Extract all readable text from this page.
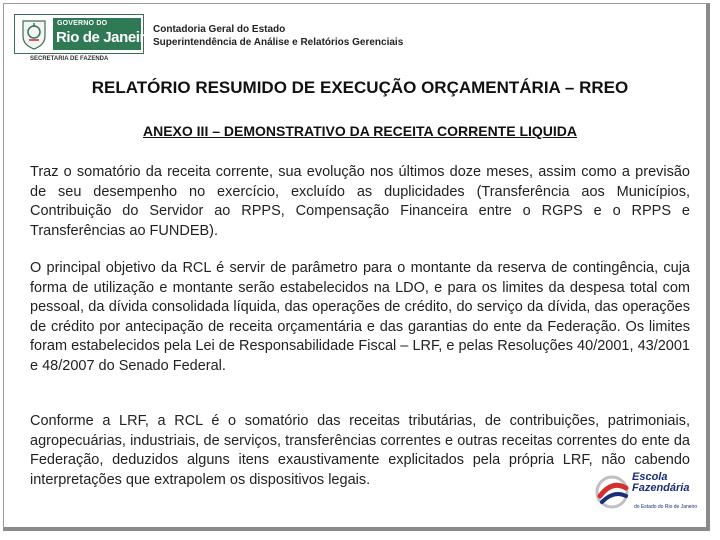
GOVERNO DO
Rio de Janeiro
SECRETARIA DE FAZENDA
Contadoria Geral do Estado
Superintendência de Análise e Relatórios Gerenciais
RELATÓRIO RESUMIDO DE EXECUÇÃO ORÇAMENTÁRIA – RREO
ANEXO III – DEMONSTRATIVO DA RECEITA CORRENTE LIQUIDA

Traz o somatório da receita corrente, sua evolução nos últimos doze meses, assim como a previsão de seu desempenho no exercício, excluído as duplicidades (Transferência aos Municípios, Contribuição do Servidor ao RPPS, Compensação Financeira entre o RGPS e o RPPS e Transferências ao FUNDEB).

O principal objetivo da RCL é servir de parâmetro para o montante da reserva de contingência, cuja forma de utilização e montante serão estabelecidos na LDO, e para os limites da despesa total com pessoal, da dívida consolidada líquida, das operações de crédito, do serviço da dívida, das operações de crédito por antecipação de receita orçamentária e das garantias do ente da Federação. Os limites foram estabelecidos pela Lei de Responsabilidade Fiscal – LRF, e pelas Resoluções 40/2001, 43/2001 e 48/2007 do Senado Federal.

Conforme a LRF, a RCL é o somatório das receitas tributárias, de contribuições, patrimoniais, agropecuárias, industriais, de serviços, transferências correntes e outras receitas correntes do ente da Federação, deduzidos alguns itens exaustivamente explicitados pela própria LRF, não cabendo interpretações que extrapolem os dispositivos legais.	Escola
Fazendária
do Estado do Rio de Janeiro
